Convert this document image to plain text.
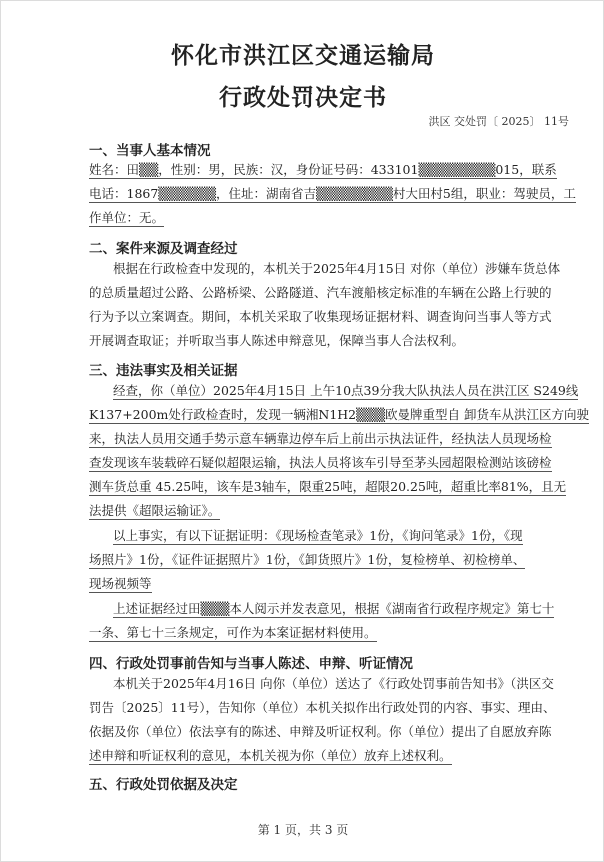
怀化市洪江区交通运输局
行政处罚决定书
洪区 交处罚〔 2025〕 11号
一、当事人基本情况
姓名：田▒▒，性别：男，民族：汉，身份证号码：433101▒▒▒▒▒▒▒▒015，联系
电话：1867▒▒▒▒▒▒，住址：湖南省吉▒▒▒▒▒▒▒▒村大田村5组，职业：驾驶员，工
作单位：无。
二、案件来源及调查经过
根据在行政检查中发现的，本机关于2025年4月15日 对你（单位）涉嫌车货总体
的总质量超过公路、公路桥梁、公路隧道、汽车渡船核定标准的车辆在公路上行驶的
行为予以立案调查。期间，本机关采取了收集现场证据材料、调查询问当事人等方式
开展调查取证；并听取当事人陈述申辩意见，保障当事人合法权利。
三、违法事实及相关证据
经查，你（单位）2025年4月15日 上午10点39分我大队执法人员在洪江区 S249线
K137+200m处行政检查时，发现一辆湘N1H2▒▒▒欧曼牌重型自 卸货车从洪江区方向驶
来，执法人员用交通手势示意车辆靠边停车后上前出示执法证件，经执法人员现场检
查发现该车装载碎石疑似超限运输，执法人员将该车引导至茅头园超限检测站该磅检
测车货总重 45.25吨，该车是3轴车，限重25吨，超限20.25吨，超重比率81%，且无
法提供《超限运输证》。
以上事实，有以下证据证明：《现场检查笔录》1份，《询问笔录》1份，《现
场照片》1份，《证件证据照片》1份，《卸货照片》1份，复检榜单、初检榜单、
现场视频等
上述证据经过田▒▒▒本人阅示并发表意见，根据《湖南省行政程序规定》第七十
一条、第七十三条规定，可作为本案证据材料使用。
四、行政处罚事前告知与当事人陈述、申辩、听证情况
本机关于2025年4月16日 向你（单位）送达了《行政处罚事前告知书》（洪区交
罚告〔2025〕11号），告知你（单位）本机关拟作出行政处罚的内容、事实、理由、
依据及你（单位）依法享有的陈述、申辩及听证权利。你（单位）提出了自愿放弃陈
述申辩和听证权利的意见，本机关视为你（单位）放弃上述权利。
五、行政处罚依据及决定
第 1 页，共 3 页
